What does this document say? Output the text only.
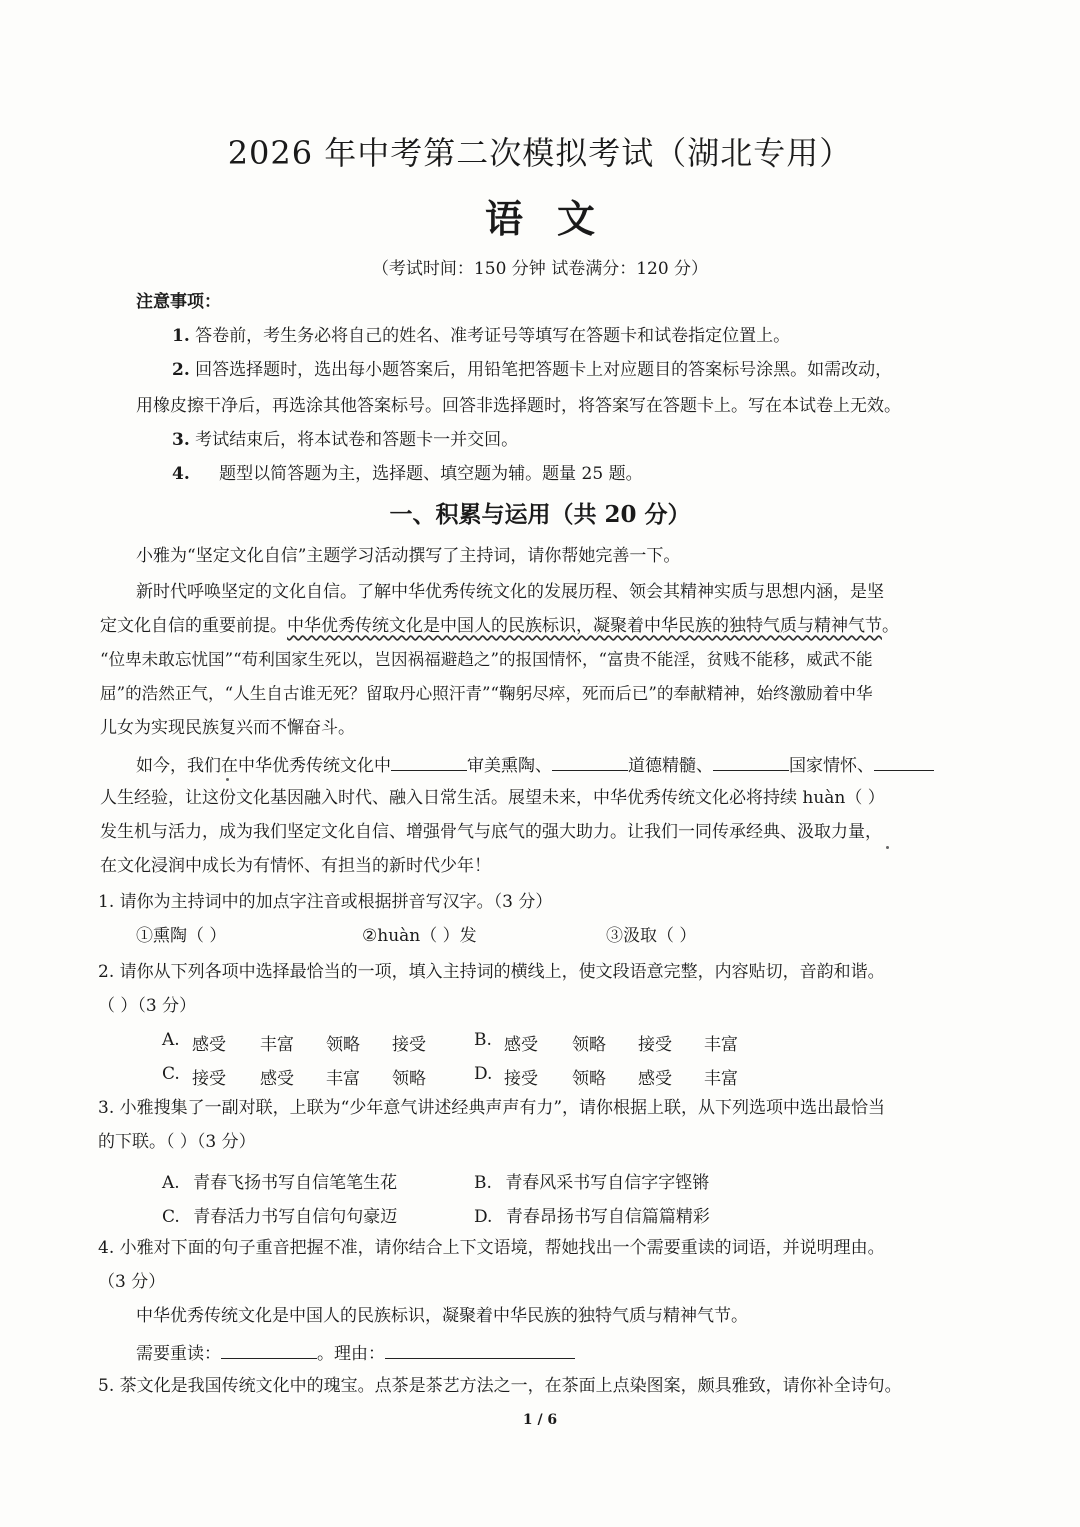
2026 年中考第二次模拟考试（湖北专用）
语文
（考试时间：150 分钟 试卷满分：120 分）
注意事项：
1. 答卷前，考生务必将自己的姓名、准考证号等填写在答题卡和试卷指定位置上。
2. 回答选择题时，选出每小题答案后，用铅笔把答题卡上对应题目的答案标号涂黑。如需改动，
用橡皮擦干净后，再选涂其他答案标号。回答非选择题时，将答案写在答题卡上。写在本试卷上无效。
3. 考试结束后，将本试卷和答题卡一并交回。
4. 题型以简答题为主，选择题、填空题为辅。题量 25 题。
一、积累与运用（共 20 分）
小雅为“坚定文化自信”主题学习活动撰写了主持词，请你帮她完善一下。
新时代呼唤坚定的文化自信。了解中华优秀传统文化的发展历程、领会其精神实质与思想内涵，是坚
定文化自信的重要前提。中华优秀传统文化是中国人的民族标识，凝聚着中华民族的独特气质与精神气节。
“位卑未敢忘忧国”“苟利国家生死以，岂因祸福避趋之”的报国情怀，“富贵不能淫，贫贱不能移，威武不能
屈”的浩然正气，“人生自古谁无死？留取丹心照汗青”“鞠躬尽瘁，死而后已”的奉献精神，始终激励着中华
儿女为实现民族复兴而不懈奋斗。
如今，我们在中华优秀传统文化中	审美熏陶、	道德精髓、	国家情怀、
人生经验，让这份文化基因融入时代、融入日常生活。展望未来，中华优秀传统文化必将持续 huàn（ ）
发生机与活力，成为我们坚定文化自信、增强骨气与底气的强大助力。让我们一同传承经典、汲取力量，
在文化浸润中成长为有情怀、有担当的新时代少年！
1. 请你为主持词中的加点字注音或根据拼音写汉字。（3 分）
①熏陶（ ）	②huàn（ ）发	③汲取（ ）
2. 请你从下列各项中选择最恰当的一项，填入主持词的横线上，使文段语意完整，内容贴切，音韵和谐。
（ ）（3 分）
A. 感受	丰富	领略	接受	B. 感受	领略	接受	丰富
C. 接受	感受	丰富	领略	D. 接受	领略	感受	丰富
3. 小雅搜集了一副对联，上联为“少年意气讲述经典声声有力”，请你根据上联，从下列选项中选出最恰当
的下联。（ ）（3 分）
A. 青春飞扬书写自信笔笔生花	B. 青春风采书写自信字字铿锵
C. 青春活力书写自信句句豪迈	D. 青春昂扬书写自信篇篇精彩
4. 小雅对下面的句子重音把握不准，请你结合上下文语境，帮她找出一个需要重读的词语，并说明理由。
（3 分）
中华优秀传统文化是中国人的民族标识，凝聚着中华民族的独特气质与精神气节。
需要重读：	。理由：
5. 茶文化是我国传统文化中的瑰宝。点茶是茶艺方法之一，在茶面上点染图案，颇具雅致，请你补全诗句。
1 / 6
